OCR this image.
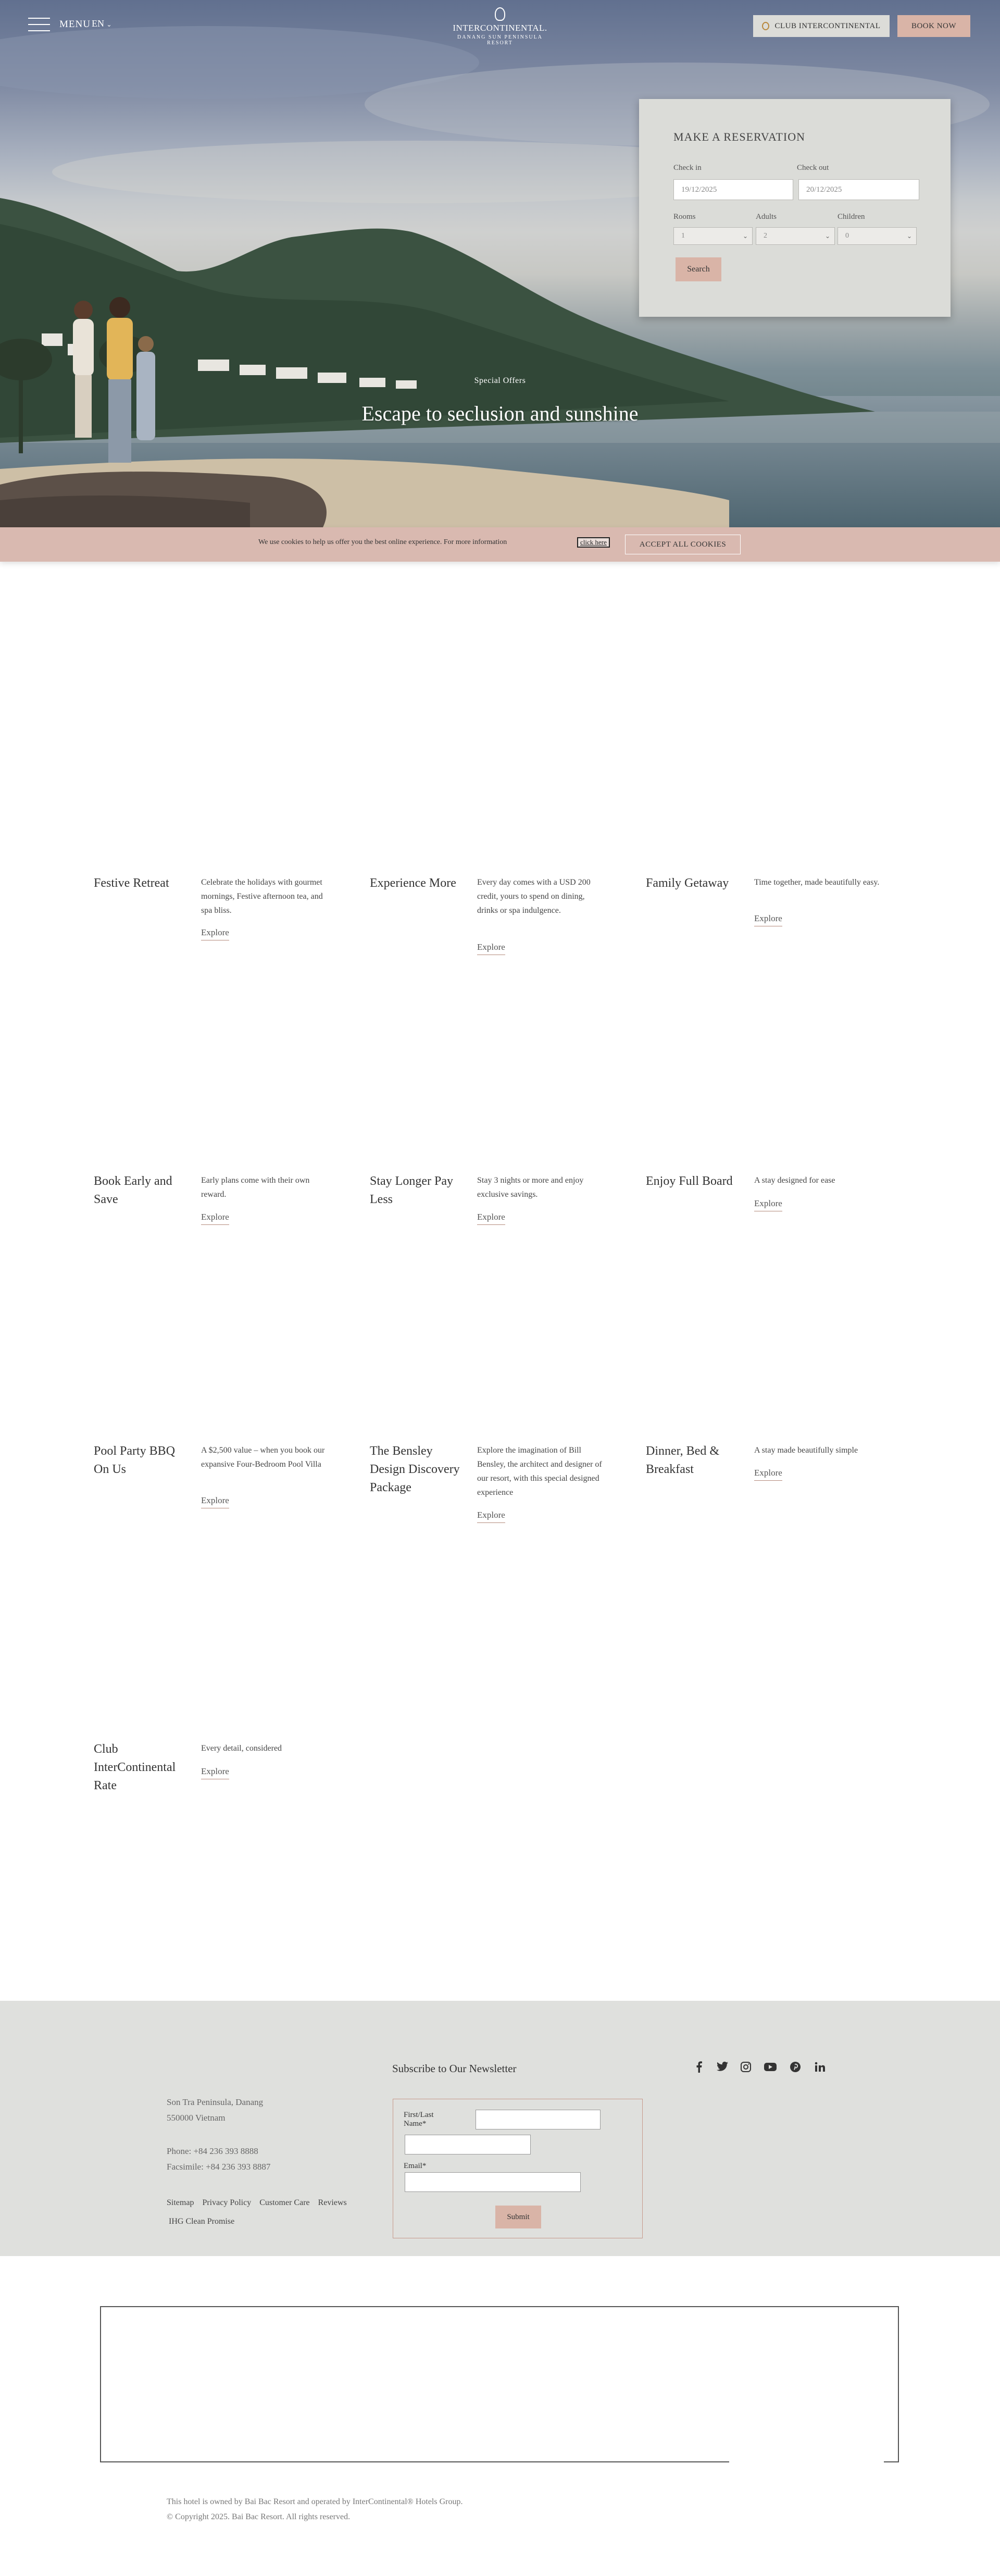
MENU EN ⌄	INTERCONTINENTAL.
DANANG SUN PENINSULA RESORT
CLUB INTERCONTINENTAL	BOOK NOW
MAKE A RESERVATION
Check in
19/12/2025
Check out
20/12/2025
Rooms
1	⌄
Adults
2	⌄
Children
0	⌄
Search
Special Offers
Escape to seclusion and sunshine
We use cookies to help us offer you the best online experience. For more information	click here	ACCEPT ALL COOKIES
Festive Retreat	Celebrate the holidays with gourmet mornings, Festive afternoon tea, and spa bliss.
Explore
Experience More	Every day comes with a USD 200 credit, yours to spend on dining, drinks or spa indulgence.
Explore
Family Getaway	Time together, made beautifully easy.
Explore
Book Early and Save
Early plans come with their own reward.
Explore
Stay Longer Pay Less
Stay 3 nights or more and enjoy exclusive savings.
Explore
Enjoy Full Board	A stay designed for ease
Explore
Pool Party BBQ On Us
A $2,500 value – when you book our expansive Four-Bedroom Pool Villa
Explore
The Bensley Design Discovery Package
Explore the imagination of Bill Bensley, the architect and designer of our resort, with this special designed experience
Explore
Dinner, Bed & Breakfast
A stay made beautifully simple
Explore
Club InterContinental Rate
Every detail, considered
Explore
Son Tra Peninsula, Danang
550000 Vietnam
Phone: +84 236 393 8888
Facsimile: +84 236 393 8887
Sitemap Privacy Policy Customer Care Reviews
IHG Clean Promise
Subscribe to Our Newsletter
First/Last Name*
Email*
Submit
This hotel is owned by Bai Bac Resort and operated by InterContinental® Hotels Group.
© Copyright 2025. Bai Bac Resort. All rights reserved.
